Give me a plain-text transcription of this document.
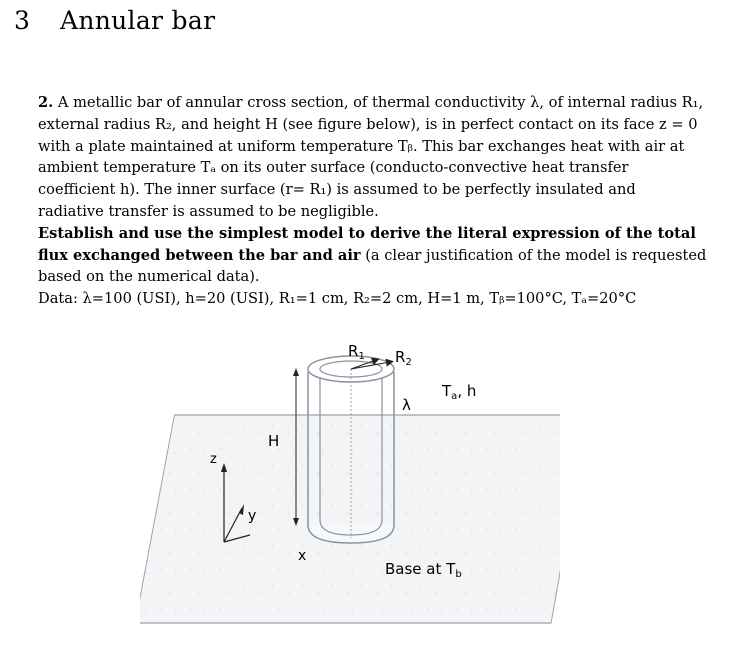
3 Annular bar
2. A metallic bar of annular cross section, of thermal conductivity λ, of internal radius R₁,
external radius R₂, and height H (see figure below), is in perfect contact on its face z = 0
with a plate maintained at uniform temperature Tᵦ. This bar exchanges heat with air at
ambient temperature Tₐ on its outer surface (conducto-convective heat transfer
coefficient h). The inner surface (r= R₁) is assumed to be perfectly insulated and
radiative transfer is assumed to be negligible.
Establish and use the simplest model to derive the literal expression of the total
flux exchanged between the bar and air (a clear justification of the model is requested
based on the numerical data).
Data: λ=100 (USI), h=20 (USI), R₁=1 cm, R₂=2 cm, H=1 m, Tᵦ=100°C, Tₐ=20°C
$R_1$ $R_2$
λ
$T_a$, h
H
z
y
x
Base at $T_b$
